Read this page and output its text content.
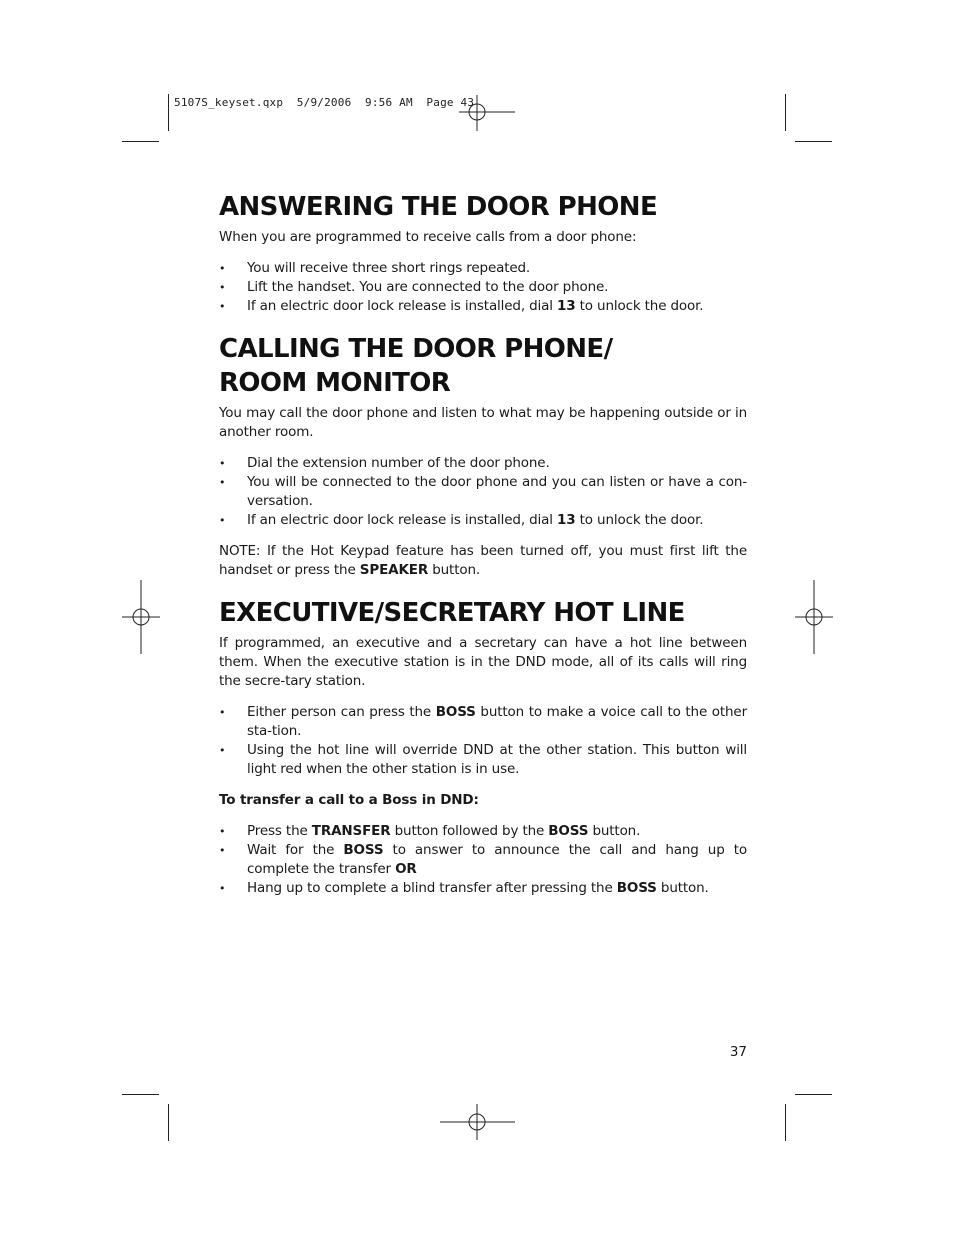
5107S_keyset.qxp  5/9/2006  9:56 AM  Page 43
ANSWERING THE DOOR PHONE

When you are programmed to receive calls from a door phone:

• You will receive three short rings repeated.
• Lift the handset. You are connected to the door phone.
• If an electric door lock release is installed, dial 13 to unlock the door.
CALLING THE DOOR PHONE/
ROOM MONITOR

You may call the door phone and listen to what may be happening outside or in another room.

• Dial the extension number of the door phone.
• You will be connected to the door phone and you can listen or have a con-versation.
• If an electric door lock release is installed, dial 13 to unlock the door.

NOTE: If the Hot Keypad feature has been turned off, you must first lift the handset or press the SPEAKER button.

EXECUTIVE/SECRETARY HOT LINE

If programmed, an executive and a secretary can have a hot line between them. When the executive station is in the DND mode, all of its calls will ring the secre-tary station.

• Either person can press the BOSS button to make a voice call to the other sta-tion.
• Using the hot line will override DND at the other station. This button will light red when the other station is in use.

To transfer a call to a Boss in DND:

• Press the TRANSFER button followed by the BOSS button.
• Wait for the BOSS to answer to announce the call and hang up to complete the transfer OR
• Hang up to complete a blind transfer after pressing the BOSS button.
37
